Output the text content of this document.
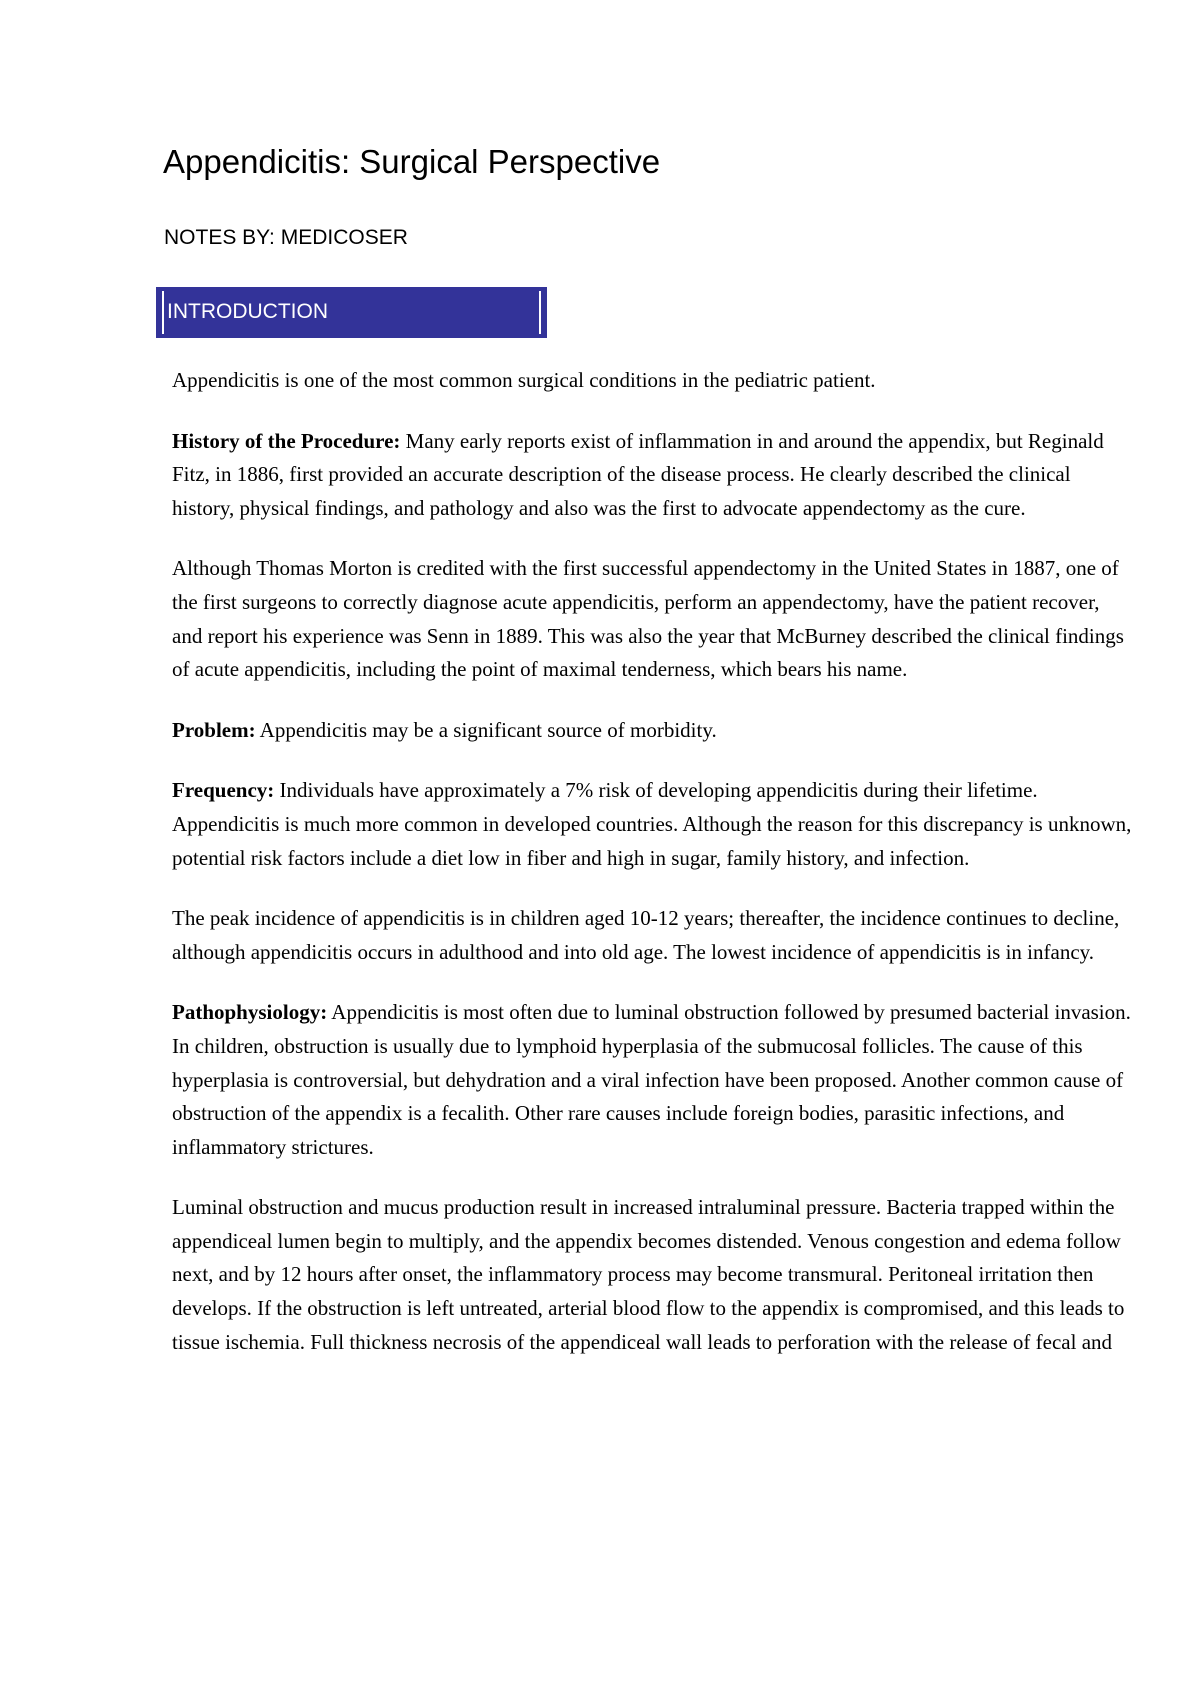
Appendicitis: Surgical Perspective
NOTES BY: MEDICOSER
INTRODUCTION

Appendicitis is one of the most common surgical conditions in the pediatric patient.

History of the Procedure: Many early reports exist of inflammation in and around the appendix, but Reginald Fitz, in 1886, first provided an accurate description of the disease process. He clearly described the clinical history, physical findings, and pathology and also was the first to advocate appendectomy as the cure.

Although Thomas Morton is credited with the first successful appendectomy in the United States in 1887, one of the first surgeons to correctly diagnose acute appendicitis, perform an appendectomy, have the patient recover, and report his experience was Senn in 1889. This was also the year that McBurney described the clinical findings of acute appendicitis, including the point of maximal tenderness, which bears his name.

Problem: Appendicitis may be a significant source of morbidity.

Frequency: Individuals have approximately a 7% risk of developing appendicitis during their lifetime. Appendicitis is much more common in developed countries. Although the reason for this discrepancy is unknown, potential risk factors include a diet low in fiber and high in sugar, family history, and infection.

The peak incidence of appendicitis is in children aged 10-12 years; thereafter, the incidence continues to decline, although appendicitis occurs in adulthood and into old age. The lowest incidence of appendicitis is in infancy.

Pathophysiology: Appendicitis is most often due to luminal obstruction followed by presumed bacterial invasion. In children, obstruction is usually due to lymphoid hyperplasia of the submucosal follicles. The cause of this hyperplasia is controversial, but dehydration and a viral infection have been proposed. Another common cause of obstruction of the appendix is a fecalith. Other rare causes include foreign bodies, parasitic infections, and inflammatory strictures.

Luminal obstruction and mucus production result in increased intraluminal pressure. Bacteria trapped within the appendiceal lumen begin to multiply, and the appendix becomes distended. Venous congestion and edema follow next, and by 12 hours after onset, the inflammatory process may become transmural. Peritoneal irritation then develops. If the obstruction is left untreated, arterial blood flow to the appendix is compromised, and this leads to tissue ischemia. Full thickness necrosis of the appendiceal wall leads to perforation with the release of fecal and
